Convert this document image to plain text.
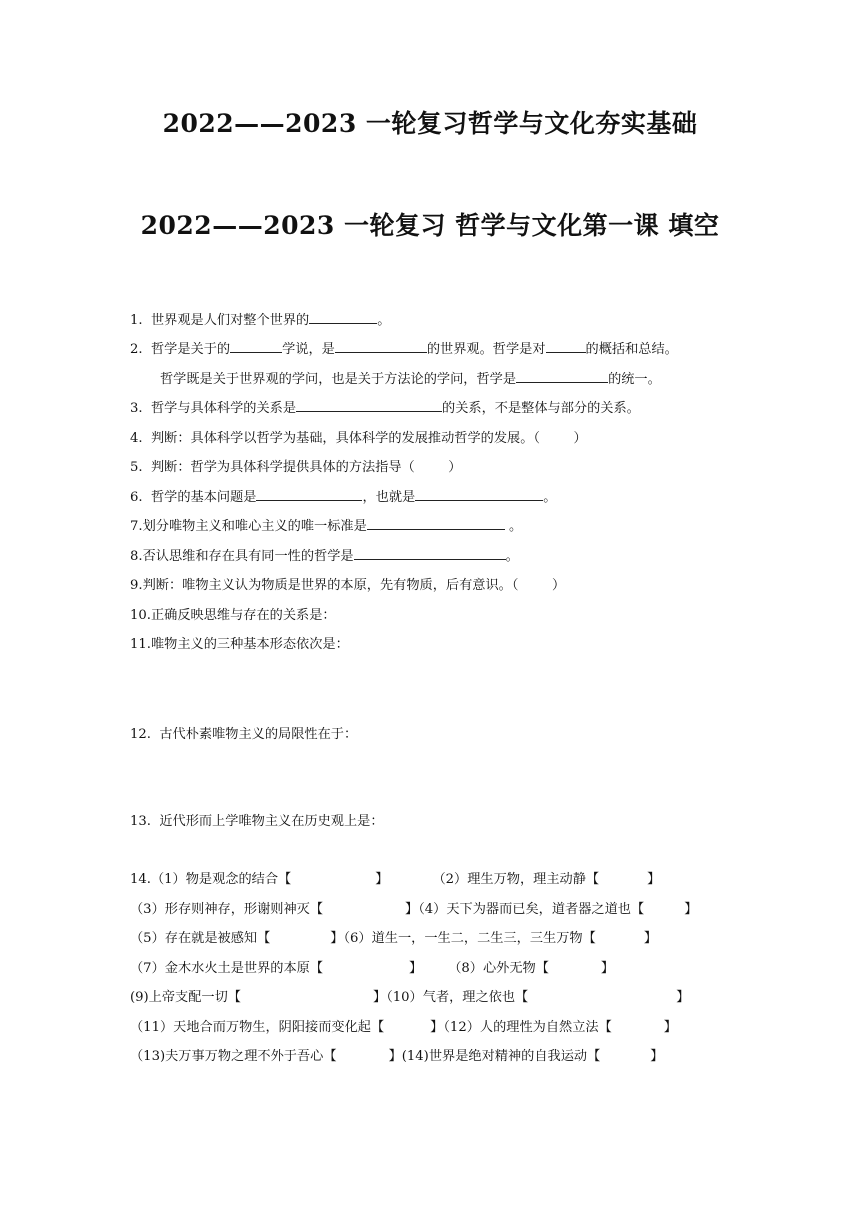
2022——2023 一轮复习哲学与文化夯实基础
2022——2023 一轮复习 哲学与文化第一课 填空
1.  世界观是人们对整个世界的	。
2.  哲学是关于的	学说，是	的世界观。哲学是对	的概括和总结。
哲学既是关于世界观的学问，也是关于方法论的学问，哲学是	的统一。
3.  哲学与具体科学的关系是	的关系，不是整体与部分的关系。
4.  判断：具体科学以哲学为基础，具体科学的发展推动哲学的发展。（        ）
5.  判断：哲学为具体科学提供具体的方法指导（        ）
6.  哲学的基本问题是	，也就是	。
7.划分唯物主义和唯心主义的唯一标准是	。
8.否认思维和存在具有同一性的哲学是	。
9.判断：唯物主义认为物质是世界的本原，先有物质，后有意识。（        ）
10.正确反映思维与存在的关系是：
11.唯物主义的三种基本形态依次是：
12.  古代朴素唯物主义的局限性在于：
13.  近代形而上学唯物主义在历史观上是：
14.（1）物是观念的结合【	】	（2）理生万物，理主动静【	】
（3）形存则神存，形谢则神灭【	】（4）天下为器而已矣，道者器之道也【	】
（5）存在就是被感知【	】（6）道生一，一生二，二生三，三生万物【	】
（7）金木水火土是世界的本原【	】 （8）心外无物【	】
(9)上帝支配一切【	】（10）气者，理之依也【	】
（11）天地合而万物生，阴阳接而变化起【	】（12）人的理性为自然立法【	】
（13)夫万事万物之理不外于吾心【	】(14)世界是绝对精神的自我运动【	】
